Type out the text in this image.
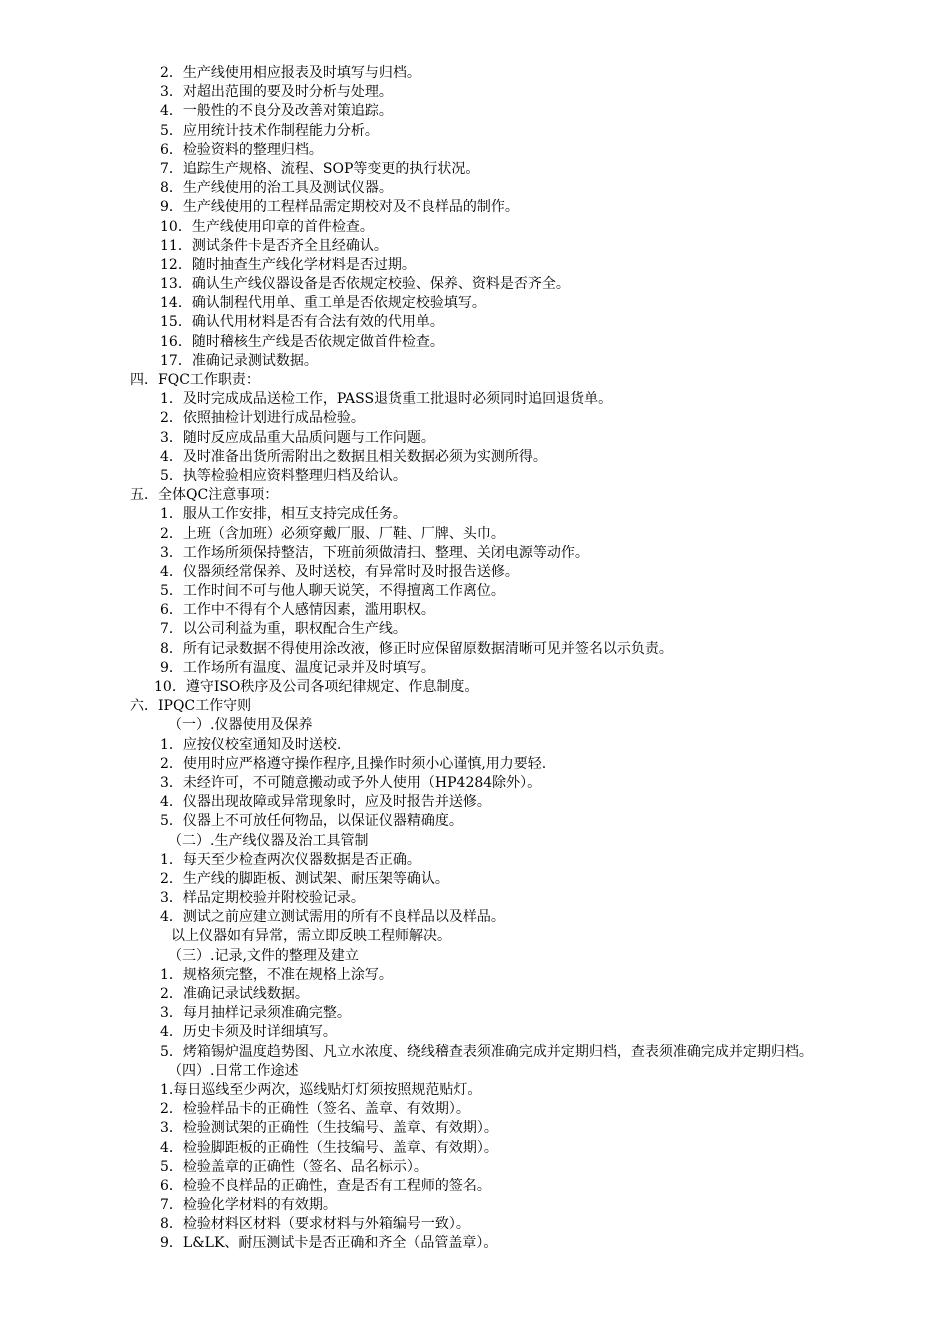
2．生产线使用相应报表及时填写与归档。
3．对超出范围的要及时分析与处理。
4．一般性的不良分及改善对策追踪。
5．应用统计技术作制程能力分析。
6．检验资料的整理归档。
7．追踪生产规格、流程、SOP等变更的执行状况。
8．生产线使用的治工具及测试仪器。
9．生产线使用的工程样品需定期校对及不良样品的制作。
10．生产线使用印章的首件检查。
11．测试条件卡是否齐全且经确认。
12．随时抽查生产线化学材料是否过期。
13．确认生产线仪器设备是否依规定校验、保养、资料是否齐全。
14．确认制程代用单、重工单是否依规定校验填写。
15．确认代用材料是否有合法有效的代用单。
16．随时稽核生产线是否依规定做首件检查。
17．准确记录测试数据。
四．FQC工作职责：
1．及时完成成品送检工作，PASS退货重工批退时必须同时追回退货单。
2．依照抽检计划进行成品检验。
3．随时反应成品重大品质问题与工作问题。
4．及时准备出货所需附出之数据且相关数据必须为实测所得。
5．执等检验相应资料整理归档及给认。
五．全体QC注意事项：
1．服从工作安排，相互支持完成任务。
2．上班（含加班）必须穿戴厂服、厂鞋、厂牌、头巾。
3．工作场所须保持整洁，下班前须做清扫、整理、关闭电源等动作。
4．仪器须经常保养、及时送校，有异常时及时报告送修。
5．工作时间不可与他人聊天说笑，不得擅离工作离位。
6．工作中不得有个人感情因素，滥用职权。
7．以公司利益为重，职权配合生产线。
8．所有记录数据不得使用涂改液，修正时应保留原数据清晰可见并签名以示负责。
9．工作场所有温度、温度记录并及时填写。
10．遵守ISO秩序及公司各项纪律规定、作息制度。
六．IPQC工作守则
（一）.仪器使用及保养
1．应按仪校室通知及时送校.
2．使用时应严格遵守操作程序,且操作时须小心谨慎,用力要轻.
3．未经许可，不可随意搬动或予外人使用（HP4284除外）。
4．仪器出现故障或异常现象时，应及时报告并送修。
5．仪器上不可放任何物品，以保证仪器精确度。
（二）.生产线仪器及治工具管制
1．每天至少检查两次仪器数据是否正确。
2．生产线的脚距板、测试架、耐压架等确认。
3．样品定期校验并附校验记录。
4．测试之前应建立测试需用的所有不良样品以及样品。
以上仪器如有异常，需立即反映工程师解决。
（三）.记录,文件的整理及建立
1．规格须完整，不准在规格上涂写。
2．准确记录试线数据。
3．每月抽样记录须准确完整。
4．历史卡须及时详细填写。
5． 烤箱锡炉温度趋势图、凡立水浓度、绕线稽查表须准确完成并定期归档，查表须准确完成并定期归档。
（四）.日常工作途述
1.每日巡线至少两次，巡线贴灯灯须按照规范贴灯。
2．检验样品卡的正确性（签名、盖章、有效期）。
3．检验测试架的正确性（生技编号、盖章、有效期）。
4．检验脚距板的正确性（生技编号、盖章、有效期）。
5．检验盖章的正确性（签名、品名标示）。
6．检验不良样品的正确性，查是否有工程师的签名。
7．检验化学材料的有效期。
8．检验材料区材料（要求材料与外箱编号一致）。
9．L&LK、耐压测试卡是否正确和齐全（品管盖章）。
